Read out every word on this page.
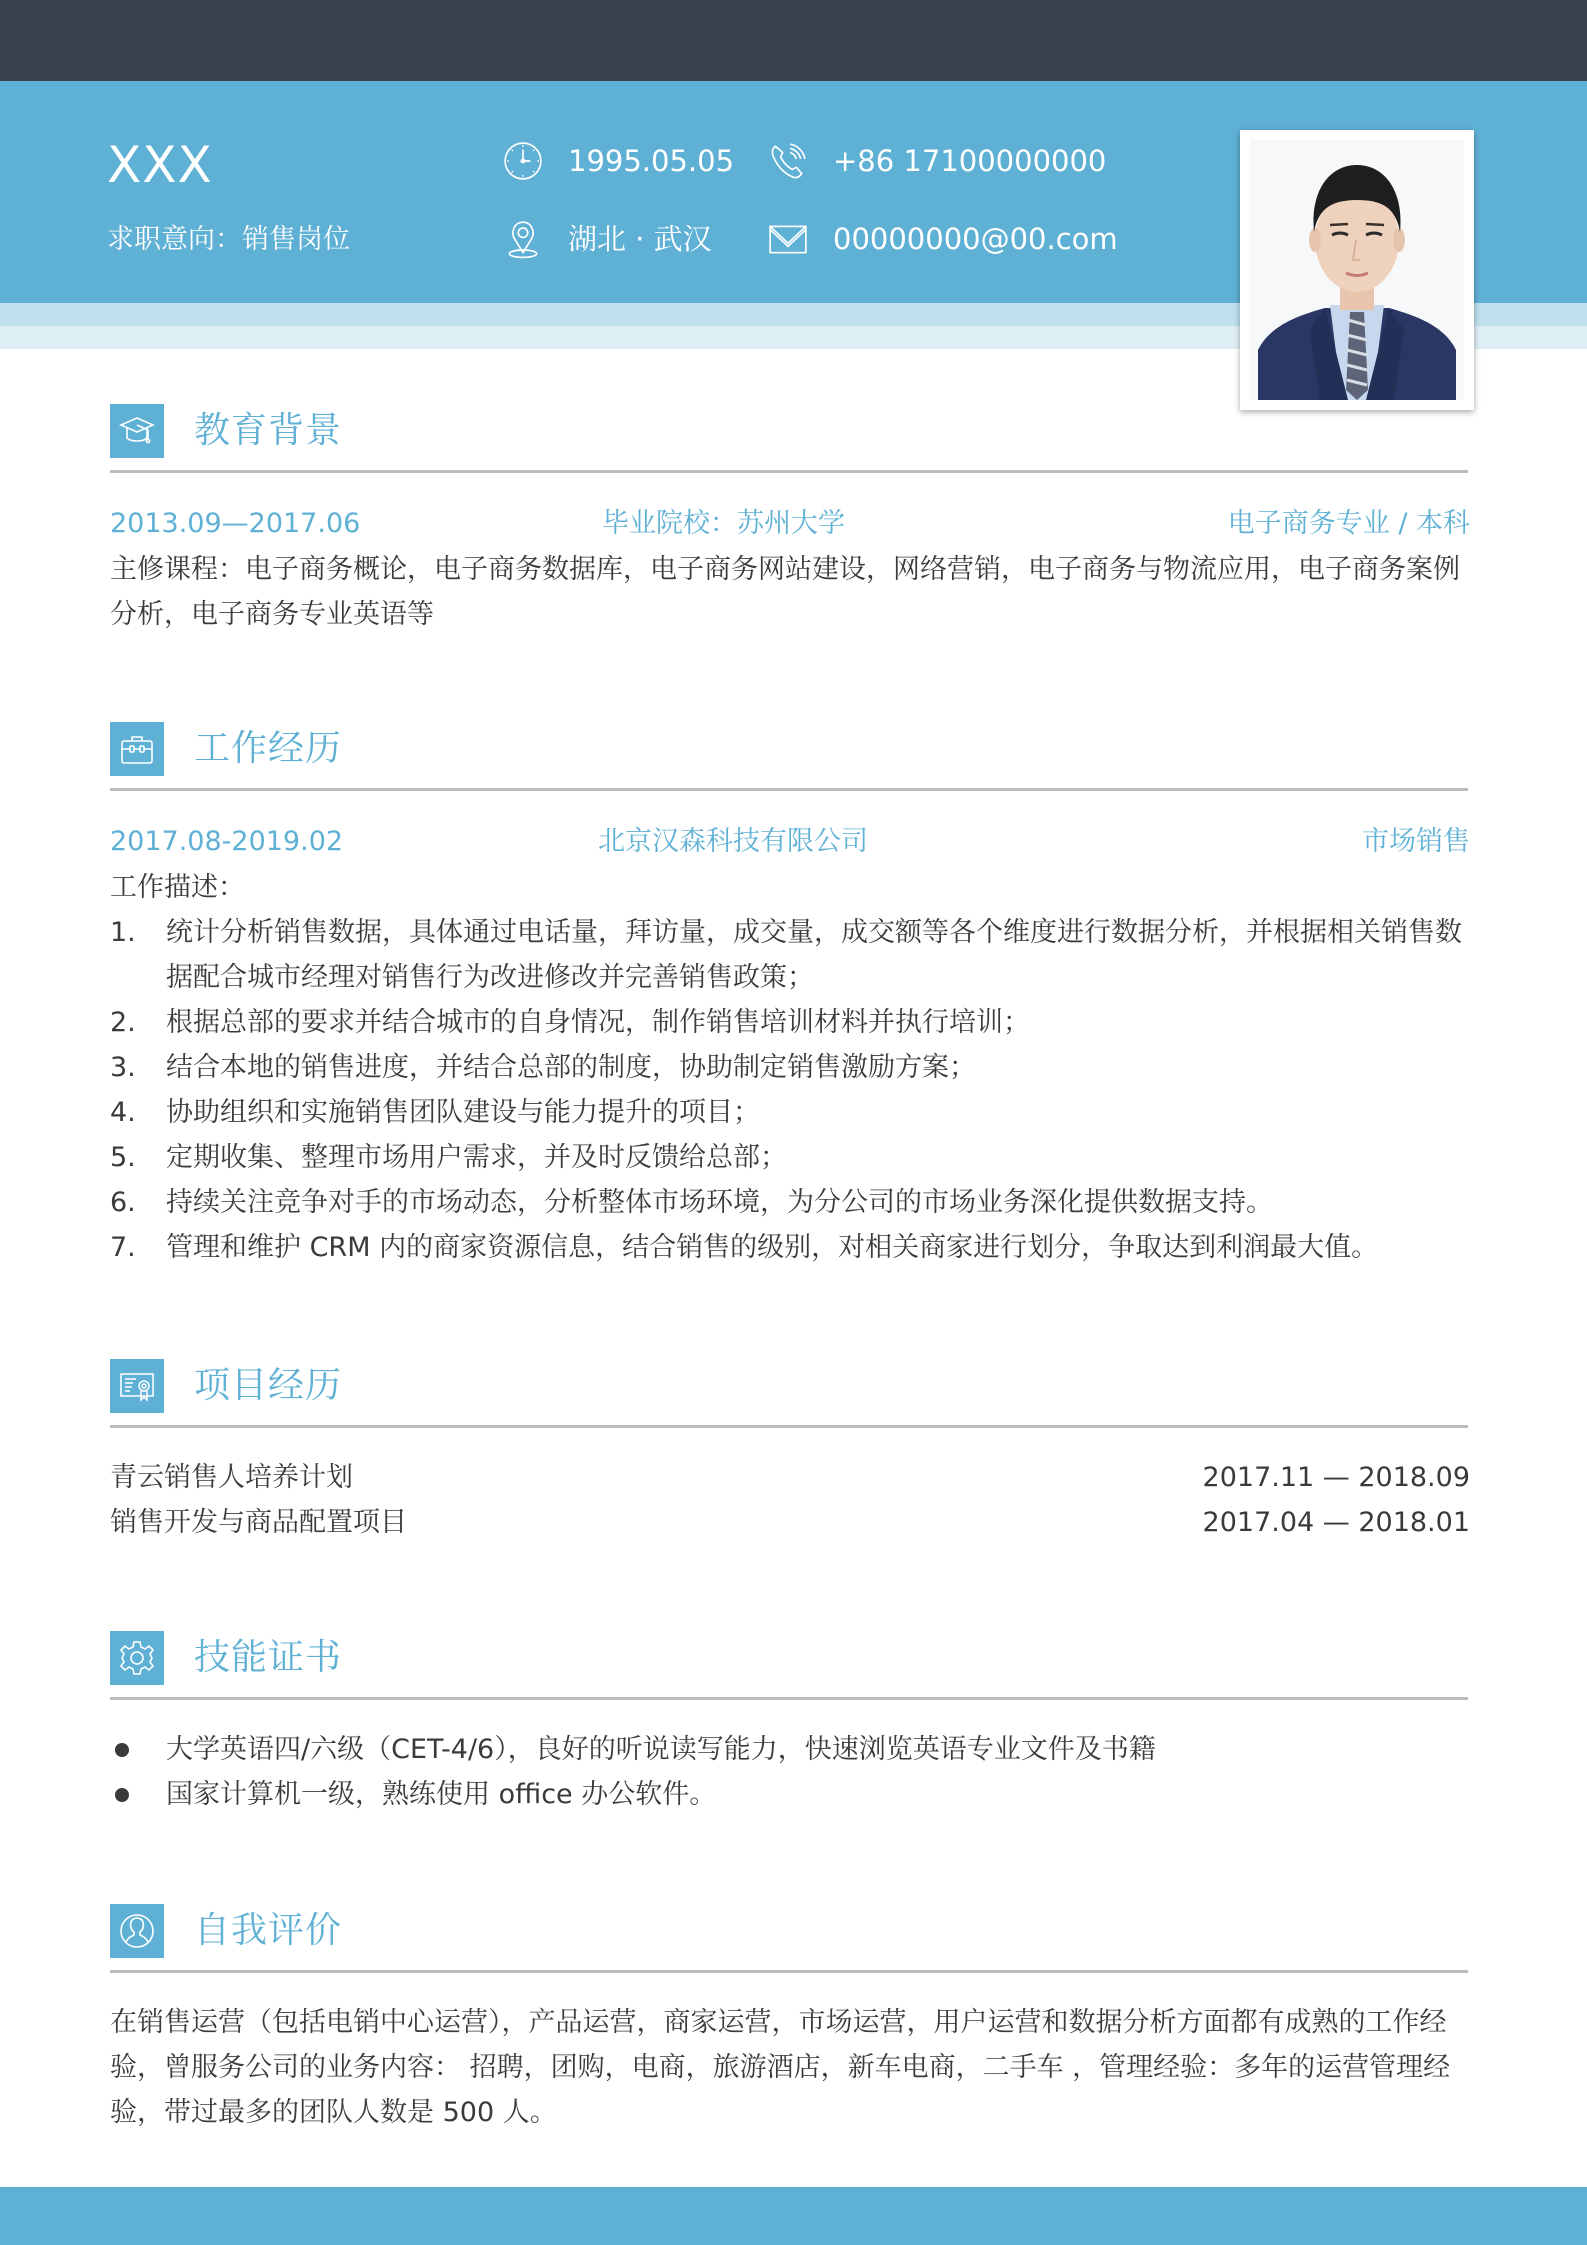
XXX
求职意向：销售岗位
1995.05.05	+86 17100000000
湖北 · 武汉	00000000@00.com
教育背景
2013.09—2017.06	毕业院校：苏州大学	电子商务专业 / 本科
主修课程：电子商务概论，电子商务数据库，电子商务网站建设，网络营销，电子商务与物流应用，电子商务案例分析，电子商务专业英语等
工作经历
2017.08-2019.02	北京汉森科技有限公司	市场销售
工作描述：
1. 统计分析销售数据，具体通过电话量，拜访量，成交量，成交额等各个维度进行数据分析，并根据相关销售数据配合城市经理对销售行为改进修改并完善销售政策；
2. 根据总部的要求并结合城市的自身情况，制作销售培训材料并执行培训；
3. 结合本地的销售进度，并结合总部的制度，协助制定销售激励方案；
4. 协助组织和实施销售团队建设与能力提升的项目；
5. 定期收集、整理市场用户需求，并及时反馈给总部；
6. 持续关注竞争对手的市场动态，分析整体市场环境，为分公司的市场业务深化提供数据支持。
7. 管理和维护 CRM 内的商家资源信息，结合销售的级别，对相关商家进行划分，争取达到利润最大值。
项目经历
青云销售人培养计划	2017.11 — 2018.09
销售开发与商品配置项目	2017.04 — 2018.01
技能证书
大学英语四/六级（CET-4/6），良好的听说读写能力，快速浏览英语专业文件及书籍
国家计算机一级，熟练使用 office 办公软件。
自我评价
在销售运营（包括电销中心运营），产品运营，商家运营，市场运营，用户运营和数据分析方面都有成熟的工作经验，曾服务公司的业务内容： 招聘，团购，电商，旅游酒店，新车电商，二手车 ，管理经验：多年的运营管理经验，带过最多的团队人数是 500 人。
